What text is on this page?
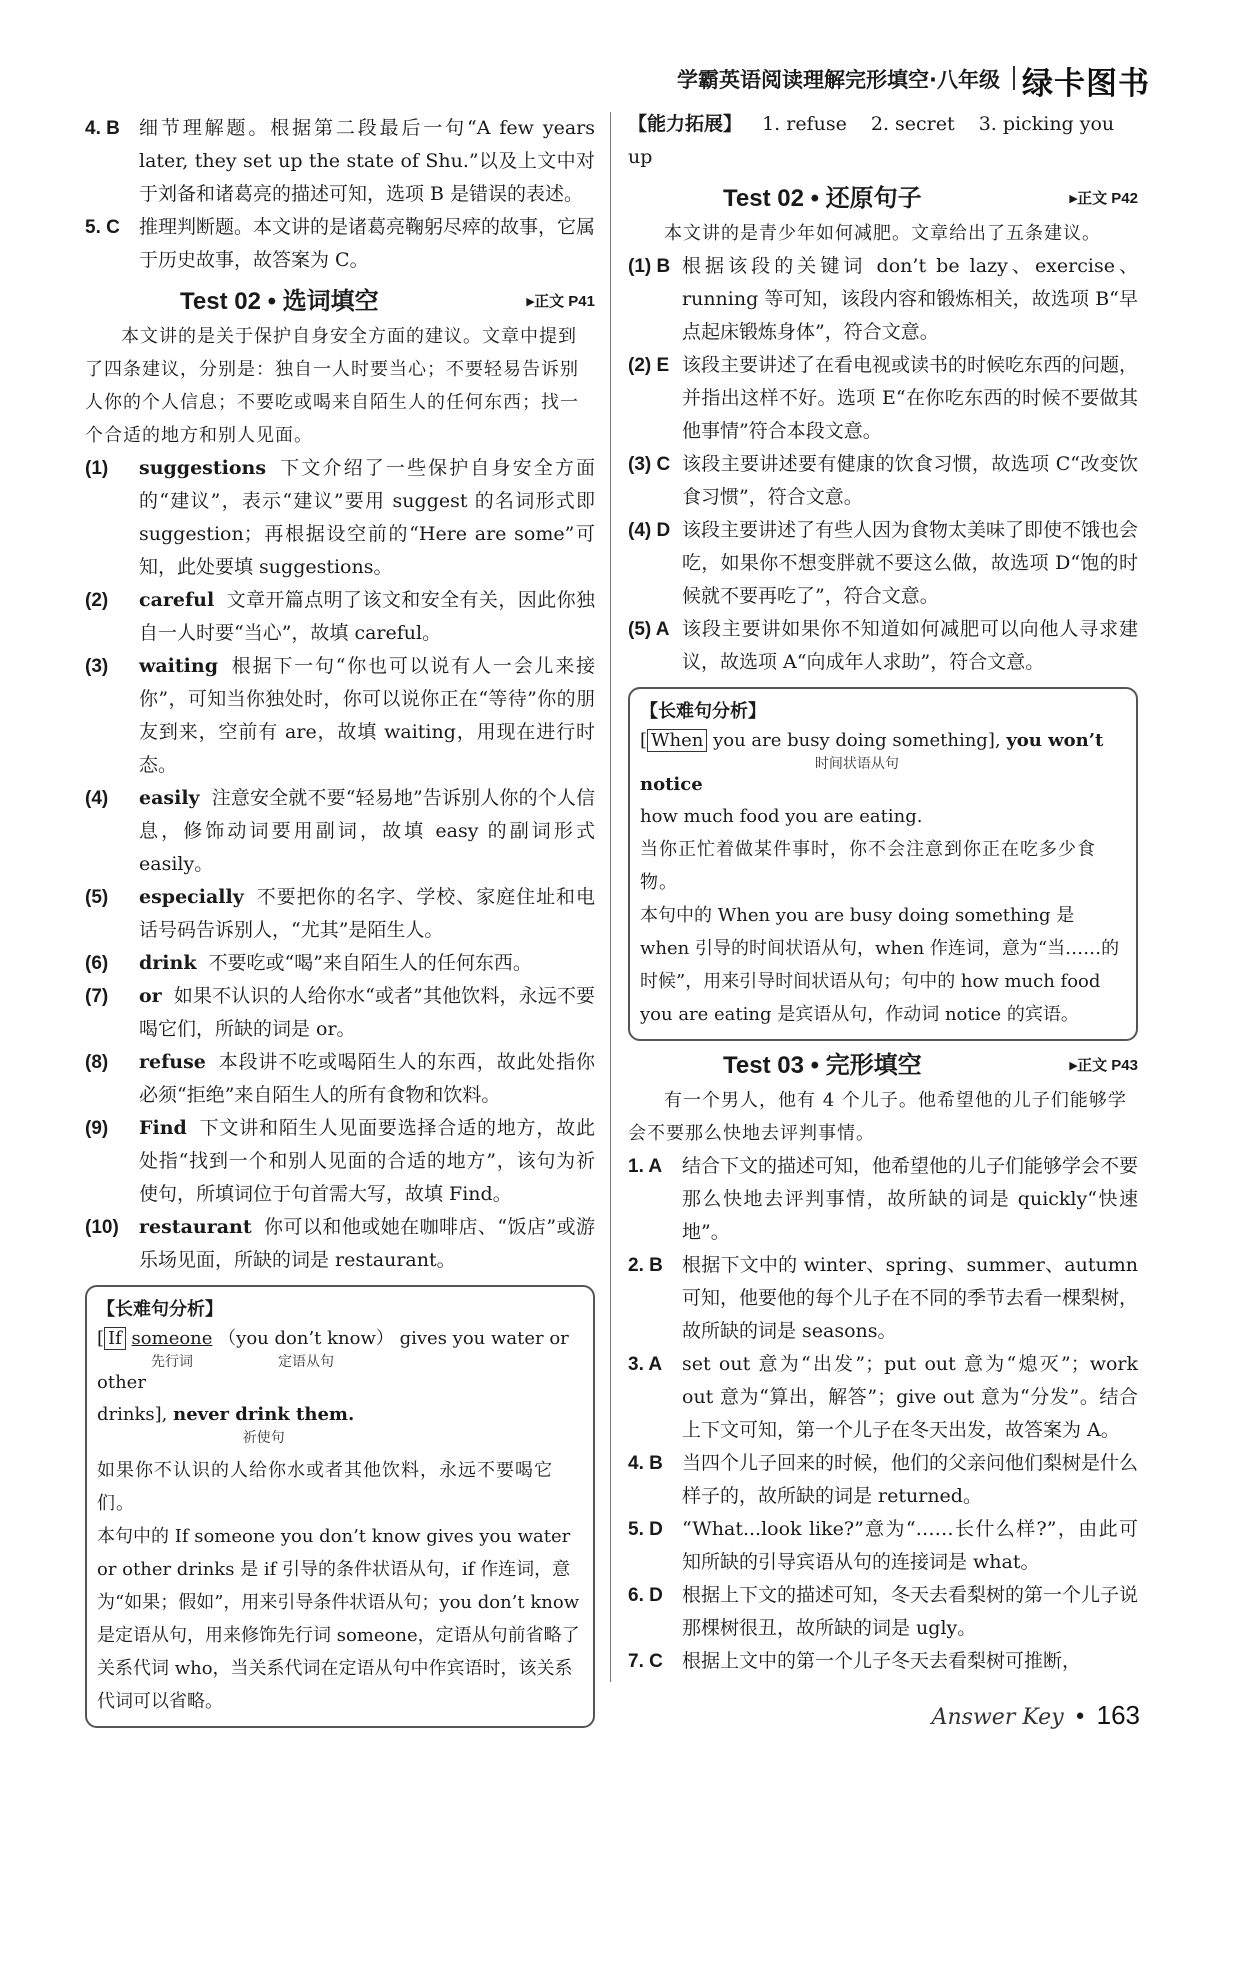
学霸英语阅读理解完形填空·八年级 绿卡图书
4. B	细节理解题。根据第二段最后一句“A few years later, they set up the state of Shu.”以及上文中对于刘备和诸葛亮的描述可知，选项 B 是错误的表述。
5. C	推理判断题。本文讲的是诸葛亮鞠躬尽瘁的故事，它属于历史故事，故答案为 C。
Test 02 • 选词填空	▸正文 P41
本文讲的是关于保护自身安全方面的建议。文章中提到了四条建议，分别是：独自一人时要当心；不要轻易告诉别人你的个人信息；不要吃或喝来自陌生人的任何东西；找一个合适的地方和别人见面。
(1)	suggestions 下文介绍了一些保护自身安全方面的“建议”，表示“建议”要用 suggest 的名词形式即 suggestion；再根据设空前的“Here are some”可知，此处要填 suggestions。
(2)	careful 文章开篇点明了该文和安全有关，因此你独自一人时要“当心”，故填 careful。
(3)	waiting 根据下一句“你也可以说有人一会儿来接你”，可知当你独处时，你可以说你正在“等待”你的朋友到来，空前有 are，故填 waiting，用现在进行时态。
(4)	easily 注意安全就不要“轻易地”告诉别人你的个人信息，修饰动词要用副词，故填 easy 的副词形式 easily。
(5)	especially 不要把你的名字、学校、家庭住址和电话号码告诉别人，“尤其”是陌生人。
(6)	drink 不要吃或“喝”来自陌生人的任何东西。
(7)	or 如果不认识的人给你水“或者”其他饮料，永远不要喝它们，所缺的词是 or。
(8)	refuse 本段讲不吃或喝陌生人的东西，故此处指你必须“拒绝”来自陌生人的所有食物和饮料。
(9)	Find 下文讲和陌生人见面要选择合适的地方，故此处指“找到一个和别人见面的合适的地方”，该句为祈使句，所填词位于句首需大写，故填 Find。
(10)	restaurant 你可以和他或她在咖啡店、“饭店”或游乐场见面，所缺的词是 restaurant。
【长难句分析】
[ If someone
先行词 （you don’t know）
定语从句 gives you water or other
drinks], never drink them.
祈使句
如果你不认识的人给你水或者其他饮料，永远不要喝它们。
本句中的 If someone you don’t know gives you water or other drinks 是 if 引导的条件状语从句，if 作连词，意为“如果；假如”，用来引导条件状语从句；you don’t know 是定语从句，用来修饰先行词 someone，定语从句前省略了关系代词 who，当关系代词在定语从句中作宾语时，该关系代词可以省略。
【能力拓展】 1. refuse 2. secret 3. picking you up
Test 02 • 还原句子	▸正文 P42
本文讲的是青少年如何减肥。文章给出了五条建议。
(1) B 根据该段的关键词 don’t be lazy、exercise、running 等可知，该段内容和锻炼相关，故选项 B“早点起床锻炼身体”，符合文意。
(2) E 该段主要讲述了在看电视或读书的时候吃东西的问题，并指出这样不好。选项 E“在你吃东西的时候不要做其他事情”符合本段文意。
(3) C 该段主要讲述要有健康的饮食习惯，故选项 C“改变饮食习惯”，符合文意。
(4) D 该段主要讲述了有些人因为食物太美味了即使不饿也会吃，如果你不想变胖就不要这么做，故选项 D“饱的时候就不要再吃了”，符合文意。
(5) A 该段主要讲如果你不知道如何减肥可以向他人寻求建议，故选项 A“向成年人求助”，符合文意。
【长难句分析】
[ When you are busy doing something],
时间状语从句 you won’t notice
how much food you are eating.
当你正忙着做某件事时，你不会注意到你正在吃多少食物。
本句中的 When you are busy doing something 是 when 引导的时间状语从句，when 作连词，意为“当……的时候”，用来引导时间状语从句；句中的 how much food you are eating 是宾语从句，作动词 notice 的宾语。
Test 03 • 完形填空	▸正文 P43
有一个男人，他有 4 个儿子。他希望他的儿子们能够学会不要那么快地去评判事情。
1. A	结合下文的描述可知，他希望他的儿子们能够学会不要那么快地去评判事情，故所缺的词是 quickly“快速地”。
2. B	根据下文中的 winter、spring、summer、autumn 可知，他要他的每个儿子在不同的季节去看一棵梨树，故所缺的词是 seasons。
3. A	set out 意为“出发”；put out 意为“熄灭”；work out 意为“算出，解答”；give out 意为“分发”。结合上下文可知，第一个儿子在冬天出发，故答案为 A。
4. B	当四个儿子回来的时候，他们的父亲问他们梨树是什么样子的，故所缺的词是 returned。
5. D	“What...look like?”意为“……长什么样?”，由此可知所缺的引导宾语从句的连接词是 what。
6. D	根据上下文的描述可知，冬天去看梨树的第一个儿子说那棵树很丑，故所缺的词是 ugly。
7. C	根据上文中的第一个儿子冬天去看梨树可推断，
Answer Key • 163
